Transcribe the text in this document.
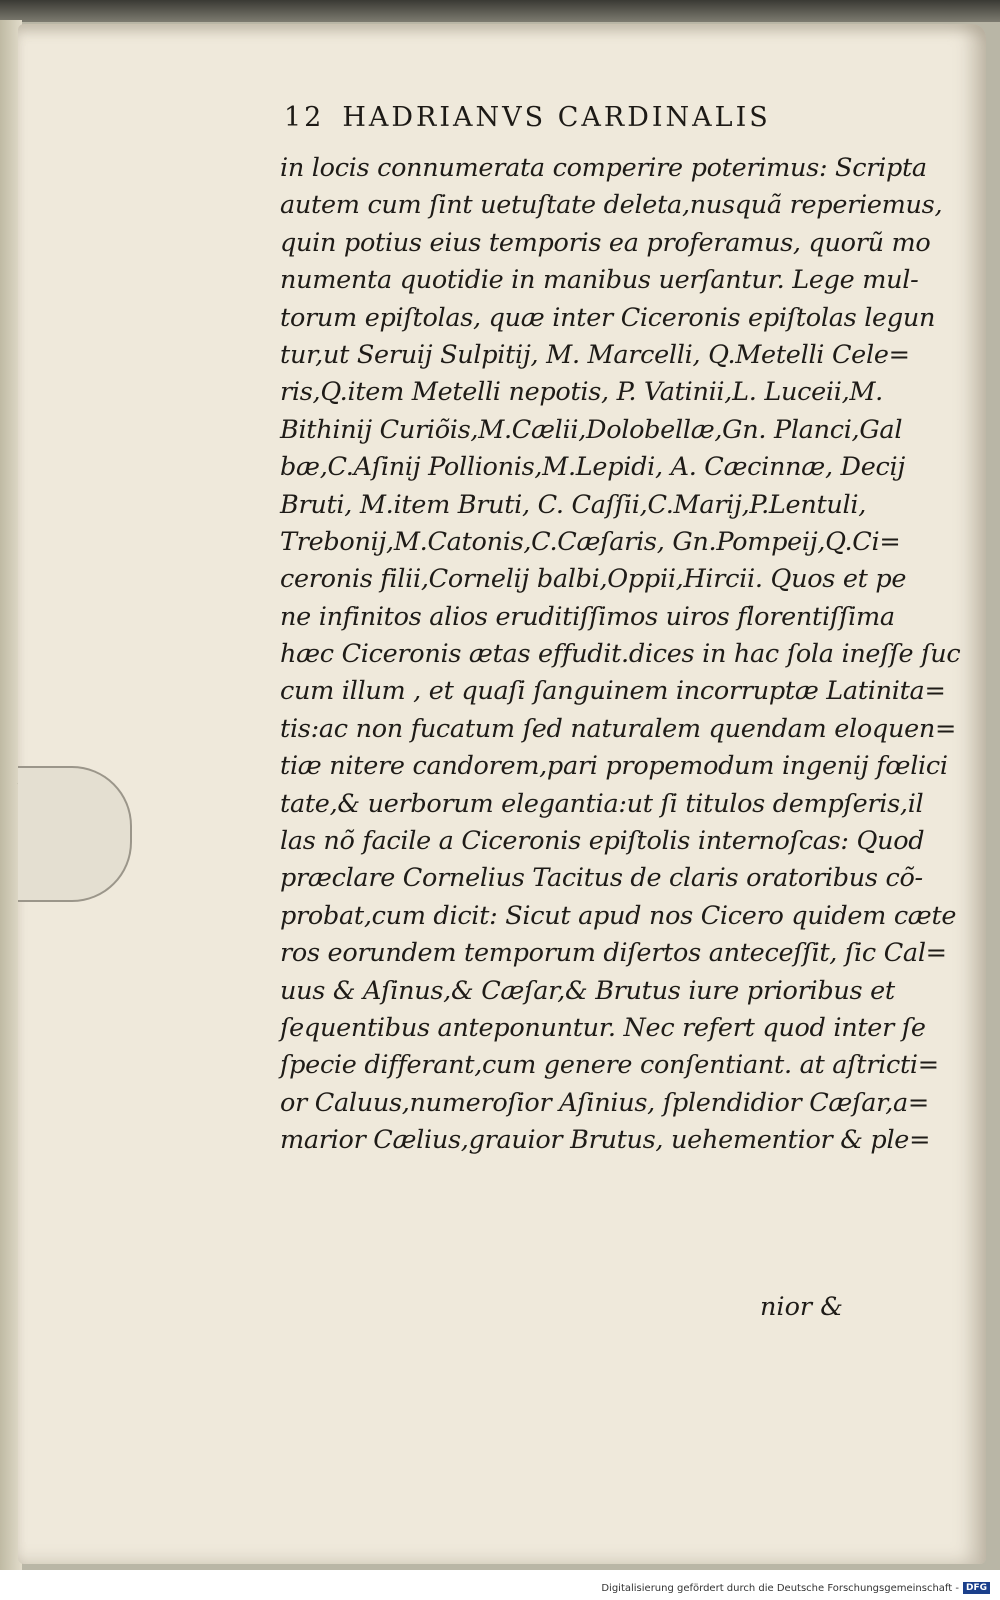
12 HADRIANVS CARDINALIS
in locis connumerata comperire poterimus: Scripta
autem cum ſint uetuſtate deleta,nusquã reperiemus,
quin potius eius temporis ea proferamus, quorũ mo
numenta quotidie in manibus uerſantur. Lege mul-
torum epiſtolas, quæ inter Ciceronis epiſtolas legun
tur,ut Seruij Sulpitij, M. Marcelli, Q.Metelli Cele=
ris,Q.item Metelli nepotis, P. Vatinii,L. Luceii,M.
Bithinij Curiõis,M.Cælii,Dolobellæ,Gn. Planci,Gal
bæ,C.Aſinij Pollionis,M.Lepidi, A. Cæcinnæ, Decij
Bruti, M.item Bruti, C. Caſſii,C.Marij,P.Lentuli,
Trebonij,M.Catonis,C.Cæſaris, Gn.Pompeij,Q.Ci=
ceronis filii,Cornelij balbi,Oppii,Hircii. Quos et pe
ne infinitos alios eruditiſſimos uiros florentiſſima
hæc Ciceronis ætas effudit.dices in hac ſola ineſſe ſuc
cum illum , et quaſi ſanguinem incorruptæ Latinita=
tis:ac non fucatum ſed naturalem quendam eloquen=
tiæ nitere candorem,pari propemodum ingenij fœlici
tate,& uerborum elegantia:ut ſi titulos dempſeris,il
las nõ facile a Ciceronis epiſtolis internoſcas: Quod
præclare Cornelius Tacitus de claris oratoribus cõ-
probat,cum dicit: Sicut apud nos Cicero quidem cæte
ros eorundem temporum diſertos anteceſſit, ſic Cal=
uus & Aſinus,& Cæſar,& Brutus iure prioribus et
ſequentibus anteponuntur. Nec refert quod inter ſe
ſpecie differant,cum genere conſentiant. at aſtricti=
or Caluus,numeroſior Aſinius, ſplendidior Cæſar,a=
marior Cælius,grauior Brutus, uehementior & ple=
nior &
Digitalisierung gefördert durch die Deutsche Forschungsgemeinschaft - DFG
